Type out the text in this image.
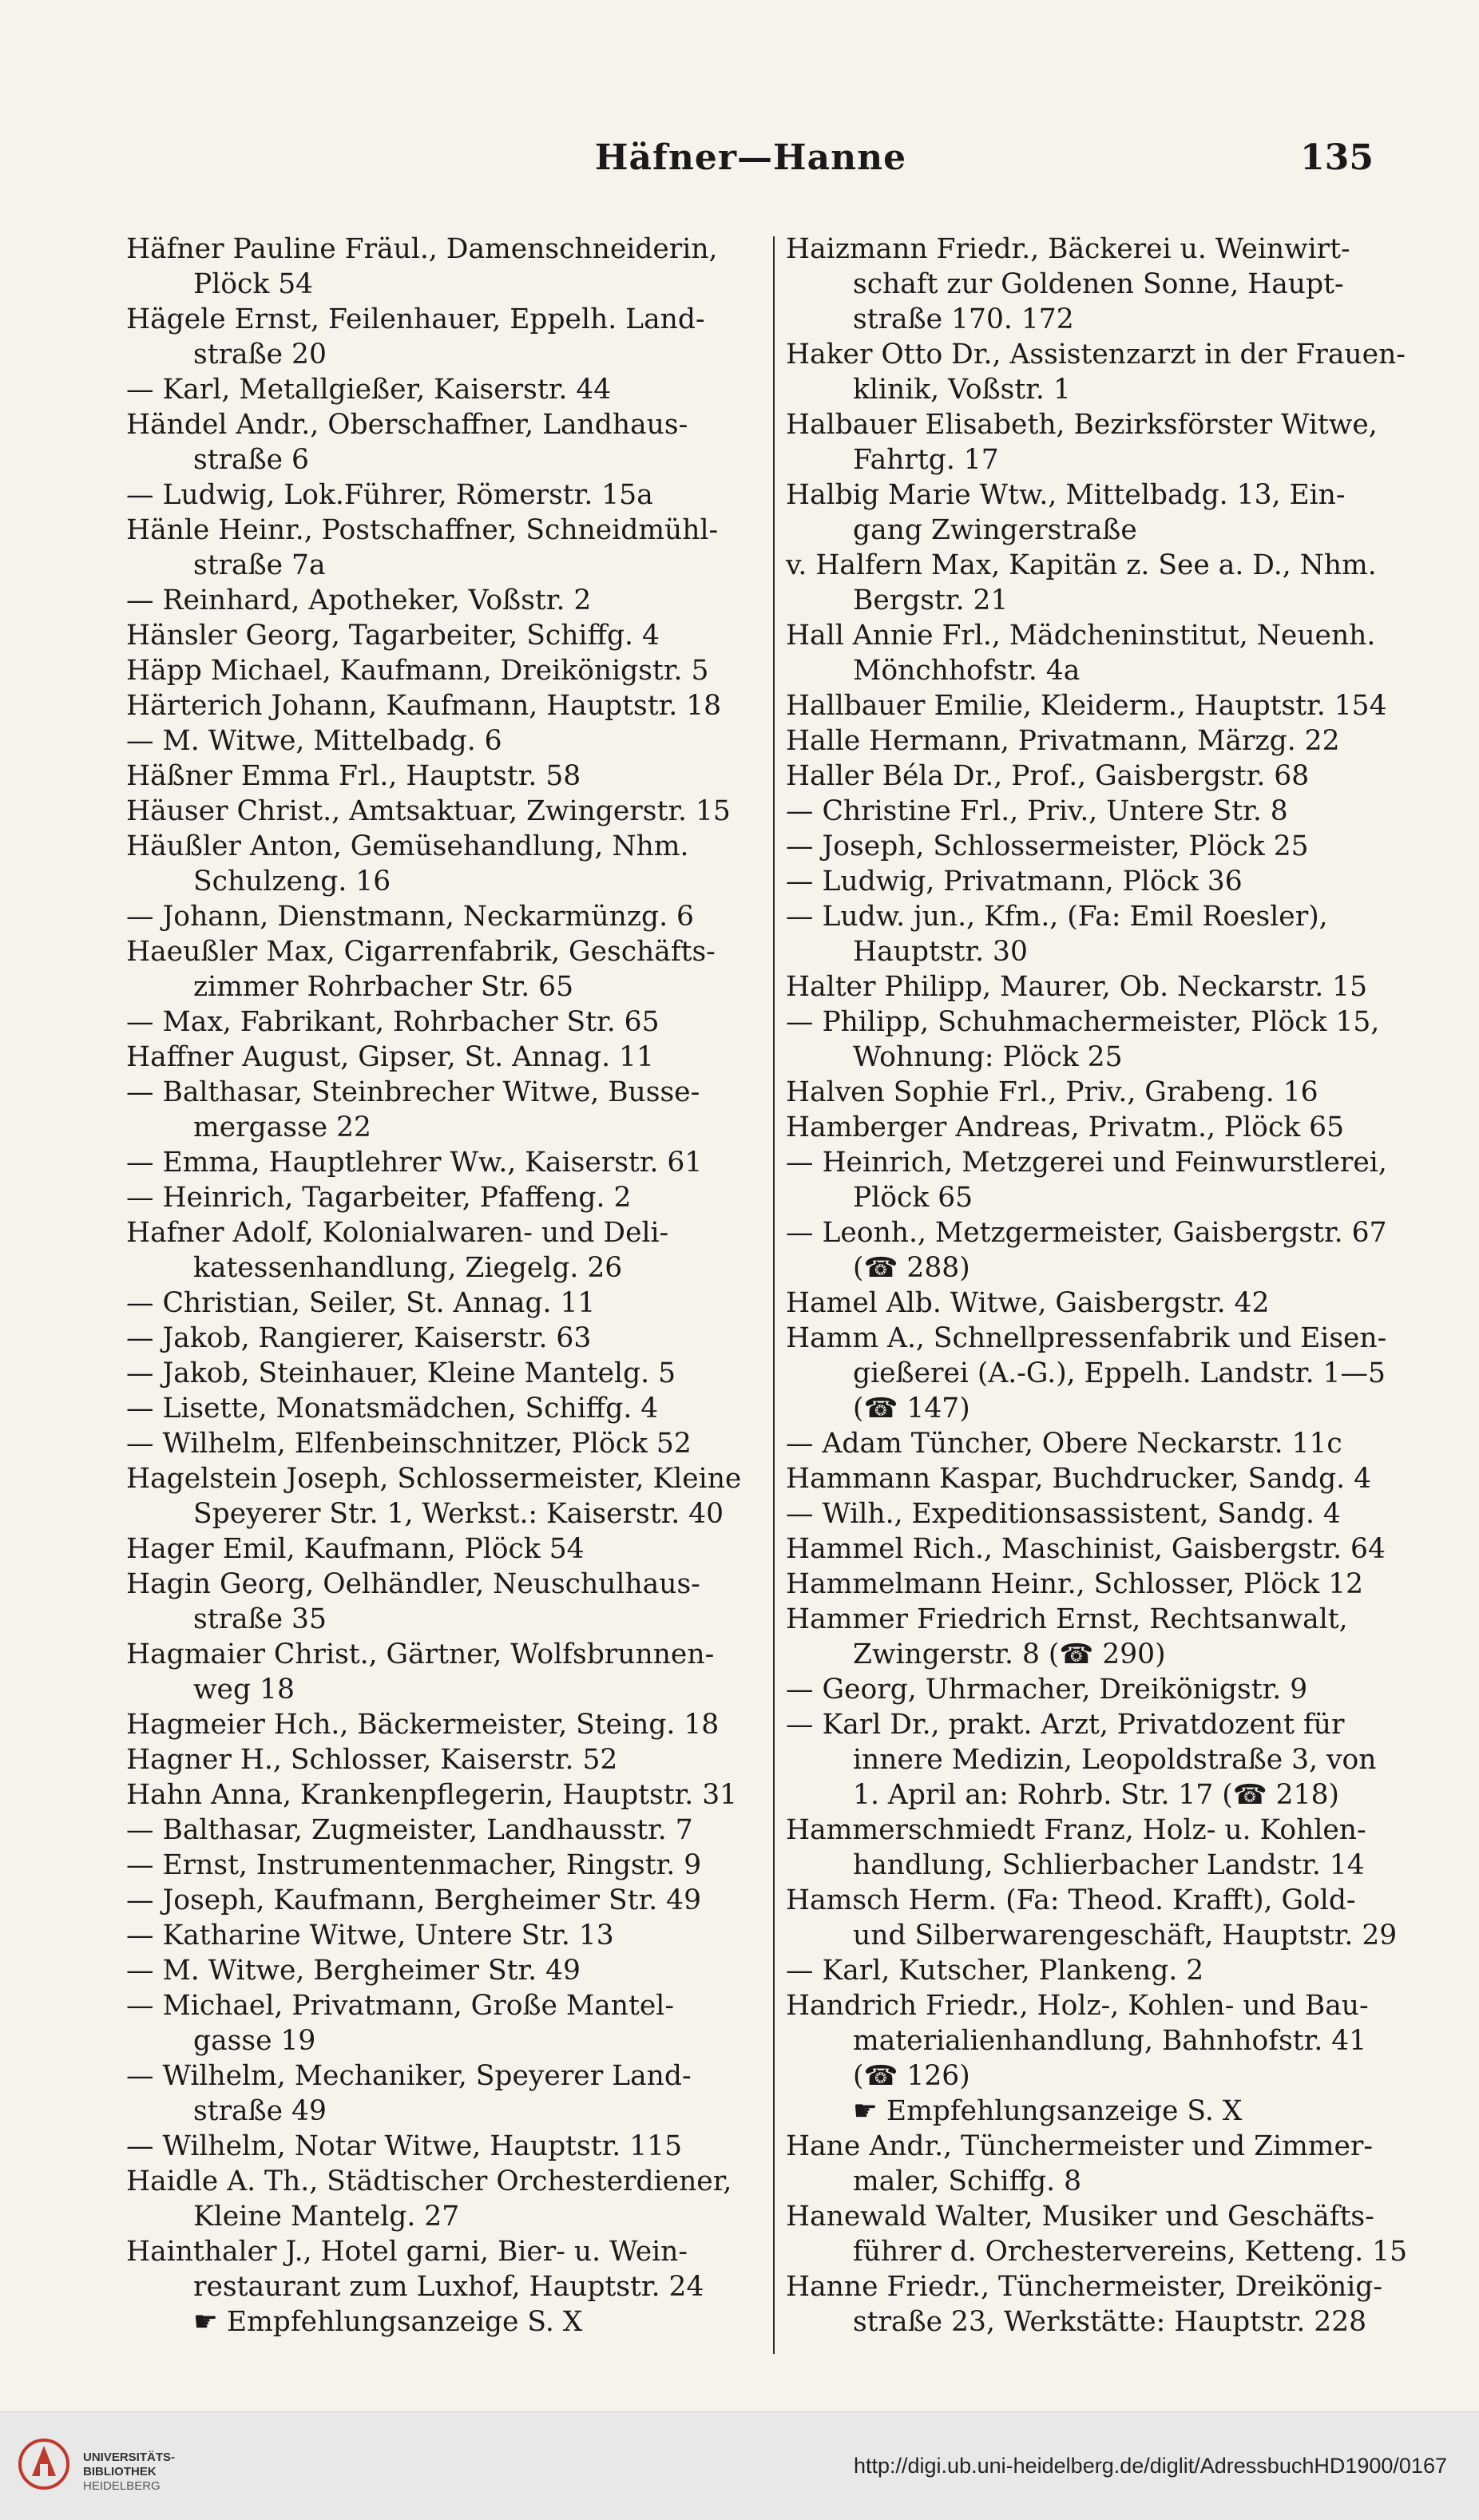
Häfner—Hanne	135
Häfner Pauline Fräul., Damenschneiderin,
Plöck 54
Hägele Ernst, Feilenhauer, Eppelh. Land-
straße 20
— Karl, Metallgießer, Kaiserstr. 44
Händel Andr., Oberschaffner, Landhaus-
straße 6
— Ludwig, Lok.Führer, Römerstr. 15a
Hänle Heinr., Postschaffner, Schneidmühl-
straße 7a
— Reinhard, Apotheker, Voßstr. 2
Hänsler Georg, Tagarbeiter, Schiffg. 4
Häpp Michael, Kaufmann, Dreikönigstr. 5
Härterich Johann, Kaufmann, Hauptstr. 18
— M. Witwe, Mittelbadg. 6
Häßner Emma Frl., Hauptstr. 58
Häuser Christ., Amtsaktuar, Zwingerstr. 15
Häußler Anton, Gemüsehandlung, Nhm.
Schulzeng. 16
— Johann, Dienstmann, Neckarmünzg. 6
Haeußler Max, Cigarrenfabrik, Geschäfts-
zimmer Rohrbacher Str. 65
— Max, Fabrikant, Rohrbacher Str. 65
Haffner August, Gipser, St. Annag. 11
— Balthasar, Steinbrecher Witwe, Busse-
mergasse 22
— Emma, Hauptlehrer Ww., Kaiserstr. 61
— Heinrich, Tagarbeiter, Pfaffeng. 2
Hafner Adolf, Kolonialwaren- und Deli-
katessenhandlung, Ziegelg. 26
— Christian, Seiler, St. Annag. 11
— Jakob, Rangierer, Kaiserstr. 63
— Jakob, Steinhauer, Kleine Mantelg. 5
— Lisette, Monatsmädchen, Schiffg. 4
— Wilhelm, Elfenbeinschnitzer, Plöck 52
Hagelstein Joseph, Schlossermeister, Kleine
Speyerer Str. 1, Werkst.: Kaiserstr. 40
Hager Emil, Kaufmann, Plöck 54
Hagin Georg, Oelhändler, Neuschulhaus-
straße 35
Hagmaier Christ., Gärtner, Wolfsbrunnen-
weg 18
Hagmeier Hch., Bäckermeister, Steing. 18
Hagner H., Schlosser, Kaiserstr. 52
Hahn Anna, Krankenpflegerin, Hauptstr. 31
— Balthasar, Zugmeister, Landhausstr. 7
— Ernst, Instrumentenmacher, Ringstr. 9
— Joseph, Kaufmann, Bergheimer Str. 49
— Katharine Witwe, Untere Str. 13
— M. Witwe, Bergheimer Str. 49
— Michael, Privatmann, Große Mantel-
gasse 19
— Wilhelm, Mechaniker, Speyerer Land-
straße 49
— Wilhelm, Notar Witwe, Hauptstr. 115
Haidle A. Th., Städtischer Orchesterdiener,
Kleine Mantelg. 27
Hainthaler J., Hotel garni, Bier- u. Wein-
restaurant zum Luxhof, Hauptstr. 24
☛ Empfehlungsanzeige S. X
Haizmann Friedr., Bäckerei u. Weinwirt-
schaft zur Goldenen Sonne, Haupt-
straße 170. 172
Haker Otto Dr., Assistenzarzt in der Frauen-
klinik, Voßstr. 1
Halbauer Elisabeth, Bezirksförster Witwe,
Fahrtg. 17
Halbig Marie Wtw., Mittelbadg. 13, Ein-
gang Zwingerstraße
v. Halfern Max, Kapitän z. See a. D., Nhm.
Bergstr. 21
Hall Annie Frl., Mädcheninstitut, Neuenh.
Mönchhofstr. 4a
Hallbauer Emilie, Kleiderm., Hauptstr. 154
Halle Hermann, Privatmann, Märzg. 22
Haller Béla Dr., Prof., Gaisbergstr. 68
— Christine Frl., Priv., Untere Str. 8
— Joseph, Schlossermeister, Plöck 25
— Ludwig, Privatmann, Plöck 36
— Ludw. jun., Kfm., (Fa: Emil Roesler),
Hauptstr. 30
Halter Philipp, Maurer, Ob. Neckarstr. 15
— Philipp, Schuhmachermeister, Plöck 15,
Wohnung: Plöck 25
Halven Sophie Frl., Priv., Grabeng. 16
Hamberger Andreas, Privatm., Plöck 65
— Heinrich, Metzgerei und Feinwurstlerei,
Plöck 65
— Leonh., Metzgermeister, Gaisbergstr. 67
(☎ 288)
Hamel Alb. Witwe, Gaisbergstr. 42
Hamm A., Schnellpressenfabrik und Eisen-
gießerei (A.-G.), Eppelh. Landstr. 1—5
(☎ 147)
— Adam Tüncher, Obere Neckarstr. 11c
Hammann Kaspar, Buchdrucker, Sandg. 4
— Wilh., Expeditionsassistent, Sandg. 4
Hammel Rich., Maschinist, Gaisbergstr. 64
Hammelmann Heinr., Schlosser, Plöck 12
Hammer Friedrich Ernst, Rechtsanwalt,
Zwingerstr. 8 (☎ 290)
— Georg, Uhrmacher, Dreikönigstr. 9
— Karl Dr., prakt. Arzt, Privatdozent für
innere Medizin, Leopoldstraße 3, von
1. April an: Rohrb. Str. 17 (☎ 218)
Hammerschmiedt Franz, Holz- u. Kohlen-
handlung, Schlierbacher Landstr. 14
Hamsch Herm. (Fa: Theod. Krafft), Gold-
und Silberwarengeschäft, Hauptstr. 29
— Karl, Kutscher, Plankeng. 2
Handrich Friedr., Holz-, Kohlen- und Bau-
materialienhandlung, Bahnhofstr. 41
(☎ 126)
☛ Empfehlungsanzeige S. X
Hane Andr., Tünchermeister und Zimmer-
maler, Schiffg. 8
Hanewald Walter, Musiker und Geschäfts-
führer d. Orchestervereins, Ketteng. 15
Hanne Friedr., Tünchermeister, Dreikönig-
straße 23, Werkstätte: Hauptstr. 228
UNIVERSITÄTS-
BIBLIOTHEK
HEIDELBERG
http://digi.ub.uni-heidelberg.de/diglit/AdressbuchHD1900/0167
